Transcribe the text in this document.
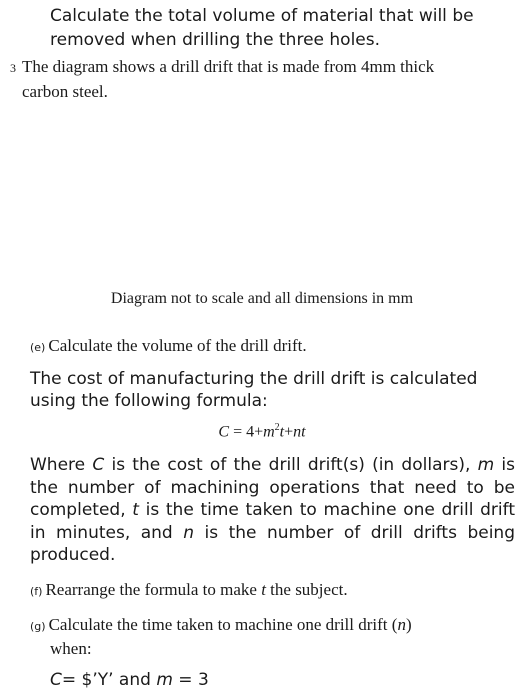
Calculate the total volume of material that will be
removed when drilling the three holes.
3 The diagram shows a drill drift that is made from 4mm thick
carbon steel.
Diagram not to scale and all dimensions in mm
(e) Calculate the volume of the drill drift.
The cost of manufacturing the drill drift is calculated
using the following formula:
$C = 4+m^2t+nt$
Where C is the cost of the drill drift(s) (in dollars), m is the number of machining operations that need to be completed, t is the time taken to machine one drill drift in minutes, and n is the number of drill drifts being produced.
(f) Rearrange the formula to make t the subject.
(g) Calculate the time taken to machine one drill drift (n)
when:
C= $’Y’ and m = 3
